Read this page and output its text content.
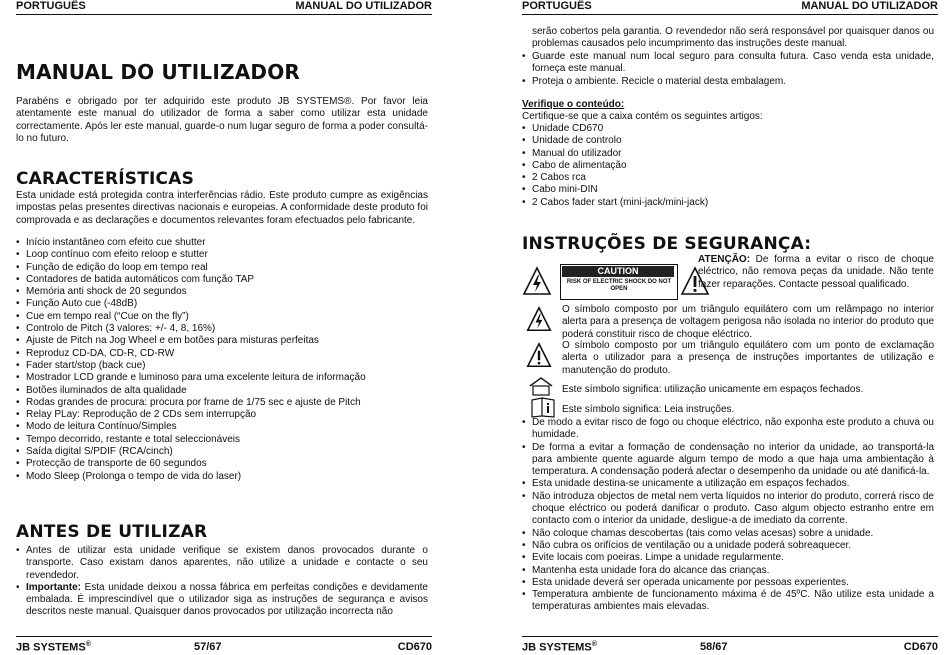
PORTUGUÊS	MANUAL DO UTILIZADOR
MANUAL DO UTILIZADOR

Parabéns e obrigado por ter adquirido este produto JB SYSTEMS®. Por favor leia atentamente este manual do utilizador de forma a saber como utilizar esta unidade correctamente. Após ler este manual, guarde-o num lugar seguro de forma a poder consultá-lo no futuro.

CARACTERÍSTICAS

Esta unidade está protegida contra interferências rádio. Este produto cumpre as exigências impostas pelas presentes directivas nacionais e europeias. A conformidade deste produto foi comprovada e as declarações e documentos relevantes foram efectuados pelo fabricante.

• Início instantâneo com efeito cue shutter
• Loop contínuo com efeito reloop e stutter
• Função de edição do loop em tempo real
• Contadores de batida automáticos com função TAP
• Memória anti shock de 20 segundos
• Função Auto cue (-48dB)
• Cue em tempo real (“Cue on the fly”)
• Controlo de Pitch (3 valores: +/- 4, 8, 16%)
• Ajuste de Pitch na Jog Wheel e em botões para misturas perfeitas
• Reproduz CD-DA, CD-R, CD-RW
• Fader start/stop (back cue)
• Mostrador LCD grande e luminoso para uma excelente leitura de informação
• Botões iluminados de alta qualidade
• Rodas grandes de procura: procura por frame de 1/75 sec e ajuste de Pitch
• Relay PLay: Reprodução de 2 CDs sem interrupção
• Modo de leitura Contínuo/Simples
• Tempo decorrido, restante e total seleccionáveis
• Saída digital S/PDIF (RCA/cinch)
• Protecção de transporte de 60 segundos
• Modo Sleep (Prolonga o tempo de vida do laser)
ANTES DE UTILIZAR
• Antes de utilizar esta unidade verifique se existem danos provocados durante o transporte. Caso existam danos aparentes, não utilize a unidade e contacte o seu revendedor.
• Importante: Esta unidade deixou a nossa fábrica em perfeitas condições e devidamente embalada. É imprescindível que o utilizador siga as instruções de segurança e avisos descritos neste manual. Quaisquer danos provocados por utilização incorrecta não
JB SYSTEMS®	57/67	CD670
PORTUGUÊS	MANUAL DO UTILIZADOR

serão cobertos pela garantia. O revendedor não será responsável por quaisquer danos ou problemas causados pelo incumprimento das instruções deste manual.

• Guarde este manual num local seguro para consulta futura. Caso venda esta unidade, forneça este manual.
• Proteja o ambiente. Recicle o material desta embalagem.
Verifique o conteúdo:
Certifique-se que a caixa contém os seguintes artigos:
• Unidade CD670
• Unidade de controlo
• Manual do utilizador
• Cabo de alimentação
• 2 Cabos rca
• Cabo mini-DIN
• 2 Cabos fader start (mini-jack/mini-jack)
INSTRUÇÕES DE SEGURANÇA:
CAUTION
RISK OF ELECTRIC SHOCK DO NOT OPEN

ATENÇÃO: De forma a evitar o risco de choque eléctrico, não remova peças da unidade. Não tente fazer reparações. Contacte pessoal qualificado.

O símbolo composto por um triângulo equilátero com um relâmpago no interior alerta para a presença de voltagem perigosa não isolada no interior do produto que poderá constituir risco de choque eléctrico.
O símbolo composto por um triângulo equilátero com um ponto de exclamação alerta o utilizador para a presença de instruções importantes de utilização e manutenção do produto.
Este símbolo significa: utilização unicamente em espaços fechados.
Este símbolo significa: Leia instruções.
• De modo a evitar risco de fogo ou choque eléctrico, não exponha este produto a chuva ou humidade.
• De forma a evitar a formação de condensação no interior da unidade, ao transportá-la para ambiente quente aguarde algum tempo de modo a que haja uma ambientação à temperatura. A condensação poderá afectar o desempenho da unidade ou até danificá-la.
• Esta unidade destina-se unicamente a utilização em espaços fechados.
• Não introduza objectos de metal nem verta líquidos no interior do produto, correrá risco de choque eléctrico ou poderá danificar o produto. Caso algum objecto estranho entre em contacto com o interior da unidade, desligue-a de imediato da corrente.
• Não coloque chamas descobertas (tais como velas acesas) sobre a unidade.
• Não cubra os orifícios de ventilação ou a unidade poderá sobreaquecer.
• Evite locais com poeiras. Limpe a unidade regularmente.
• Mantenha esta unidade fora do alcance das crianças.
• Esta unidade deverá ser operada unicamente por pessoas experientes.
• Temperatura ambiente de funcionamento máxima é de 45ºC. Não utilize esta unidade a temperaturas ambientes mais elevadas.
JB SYSTEMS®	58/67	CD670
